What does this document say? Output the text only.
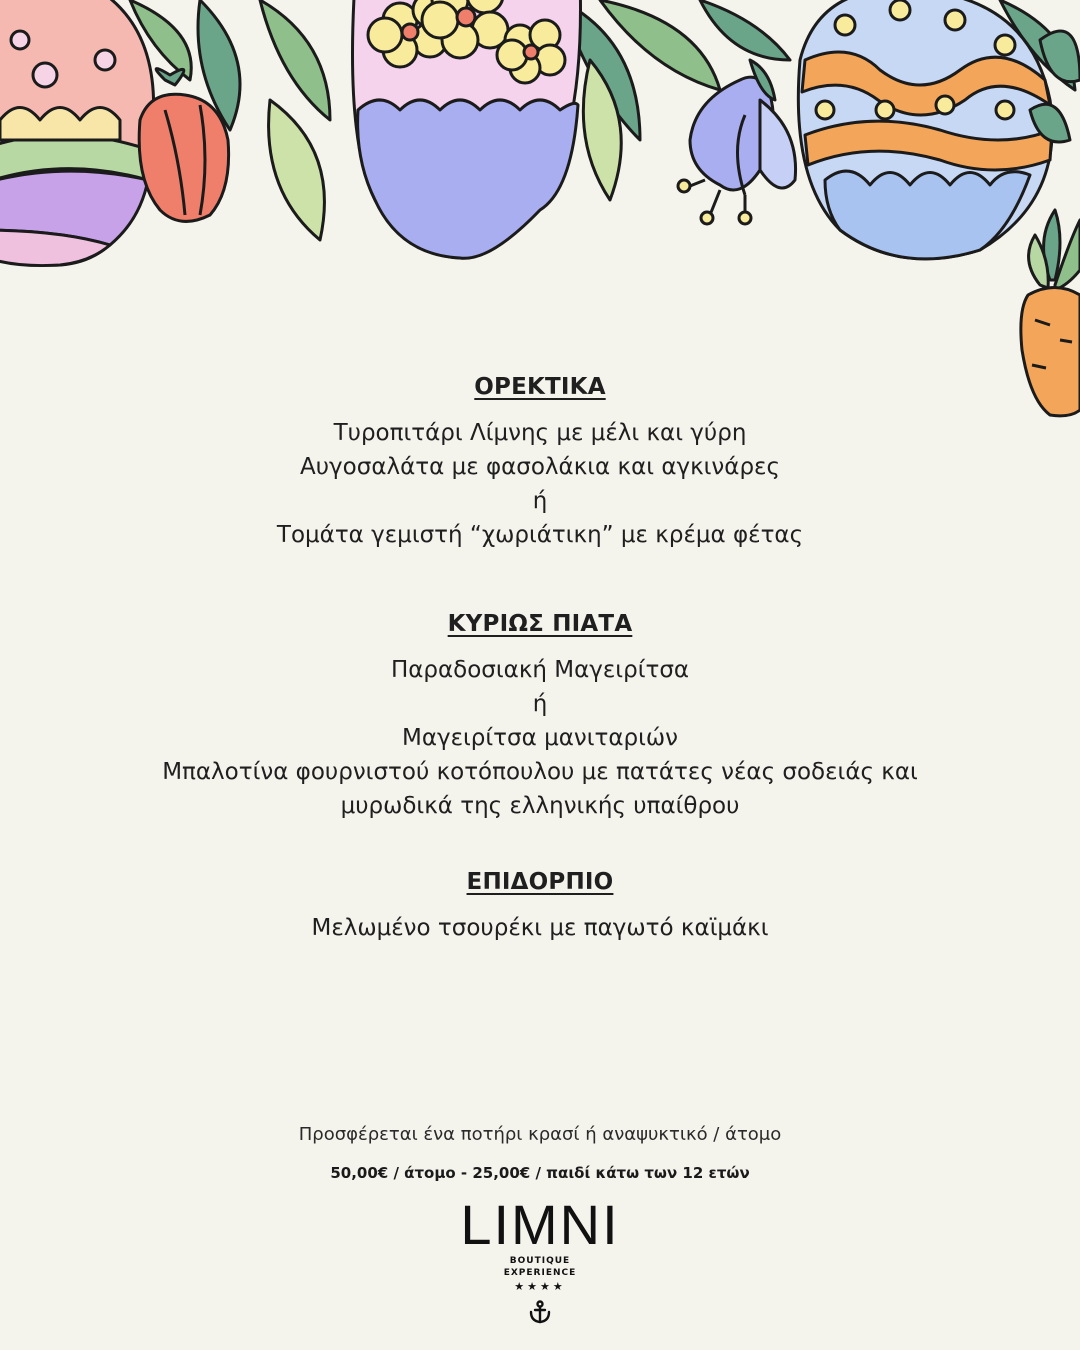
ΟΡΕΚΤΙΚΑ

Τυροπιτάρι Λίμνης με μέλι και γύρη

Αυγοσαλάτα με φασολάκια και αγκινάρες

ή

Τομάτα γεμιστή “χωριάτικη” με κρέμα φέτας

ΚΥΡΙΩΣ ΠΙΑΤΑ

Παραδοσιακή Μαγειρίτσα

ή

Μαγειρίτσα μανιταριών

Μπαλοτίνα φουρνιστού κοτόπουλου με πατάτες νέας σοδειάς και

μυρωδικά της ελληνικής υπαίθρου

ΕΠΙΔΟΡΠΙΟ

Μελωμένο τσουρέκι με παγωτό καϊμάκι

Προσφέρεται ένα ποτήρι κρασί ή αναψυκτικό / άτομο
50,00€ / άτομο - 25,00€ / παιδί κάτω των 12 ετών
LIMNI
BOUTIQUE
EXPERIENCE
★★★★
